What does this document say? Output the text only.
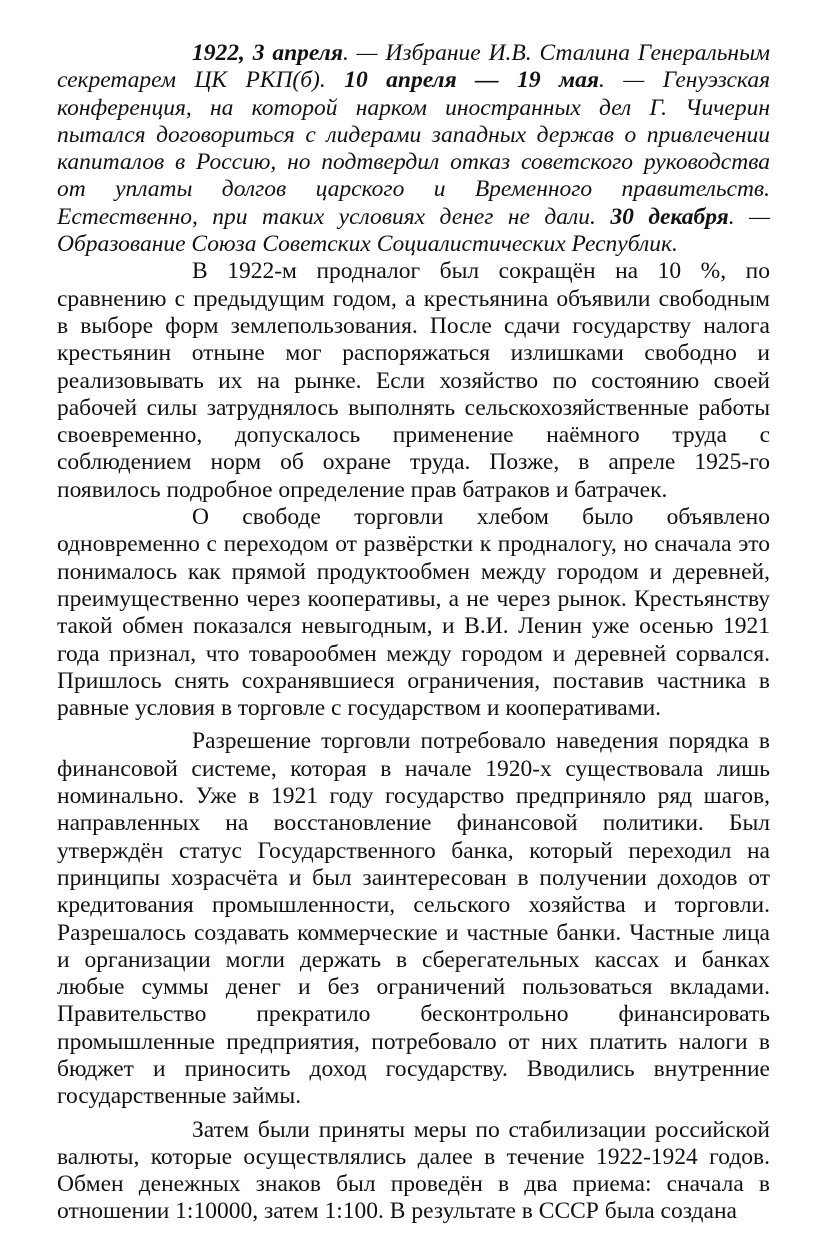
1922, 3 апреля. — Избрание И.В. Сталина Генеральным секретарем ЦК РКП(б). 10 апреля — 19 мая. — Генуэзская конференция, на которой нарком иностранных дел Г. Чичерин пытался договориться с лидерами западных держав о привлечении капиталов в Россию, но подтвердил отказ советского руководства от уплаты долгов царского и Временного правительств. Естественно, при таких условиях денег не дали. 30 декабря. — Образование Союза Советских Социалистических Республик.

В 1922-м продналог был сокращён на 10 %, по сравнению с предыдущим годом, а крестьянина объявили свободным в выборе форм землепользования. После сдачи государству налога крестьянин отныне мог распоряжаться излишками свободно и реализовывать их на рынке. Если хозяйство по состоянию своей рабочей силы затруднялось выполнять сельскохозяйственные работы своевременно, допускалось применение наёмного труда с соблюдением норм об охране труда. Позже, в апреле 1925-го появилось подробное определение прав батраков и батрачек.

О свободе торговли хлебом было объявлено одновременно с переходом от развёрстки к продналогу, но сначала это понималось как прямой продуктообмен между городом и деревней, преимущественно через кооперативы, а не через рынок. Крестьянству такой обмен показался невыгодным, и В.И. Ленин уже осенью 1921 года признал, что товарообмен между городом и деревней сорвался. Пришлось снять сохранявшиеся ограничения, поставив частника в равные условия в торговле с государством и кооперативами.

Разрешение торговли потребовало наведения порядка в финансовой системе, которая в начале 1920-х существовала лишь номинально. Уже в 1921 году государство предприняло ряд шагов, направленных на восстановление финансовой политики. Был утверждён статус Государственного банка, который переходил на принципы хозрасчёта и был заинтересован в получении доходов от кредитования промышленности, сельского хозяйства и торговли. Разрешалось создавать коммерческие и частные банки. Частные лица и организации могли держать в сберегательных кассах и банках любые суммы денег и без ограничений пользоваться вкладами. Правительство прекратило бесконтрольно финансировать промышленные предприятия, потребовало от них платить налоги в бюджет и приносить доход государству. Вводились внутренние государственные займы.

Затем были приняты меры по стабилизации российской валюты, которые осуществлялись далее в течение 1922-1924 годов. Обмен денежных знаков был проведён в два приема: сначала в отношении 1:10000, затем 1:100. В результате в СССР была создана
